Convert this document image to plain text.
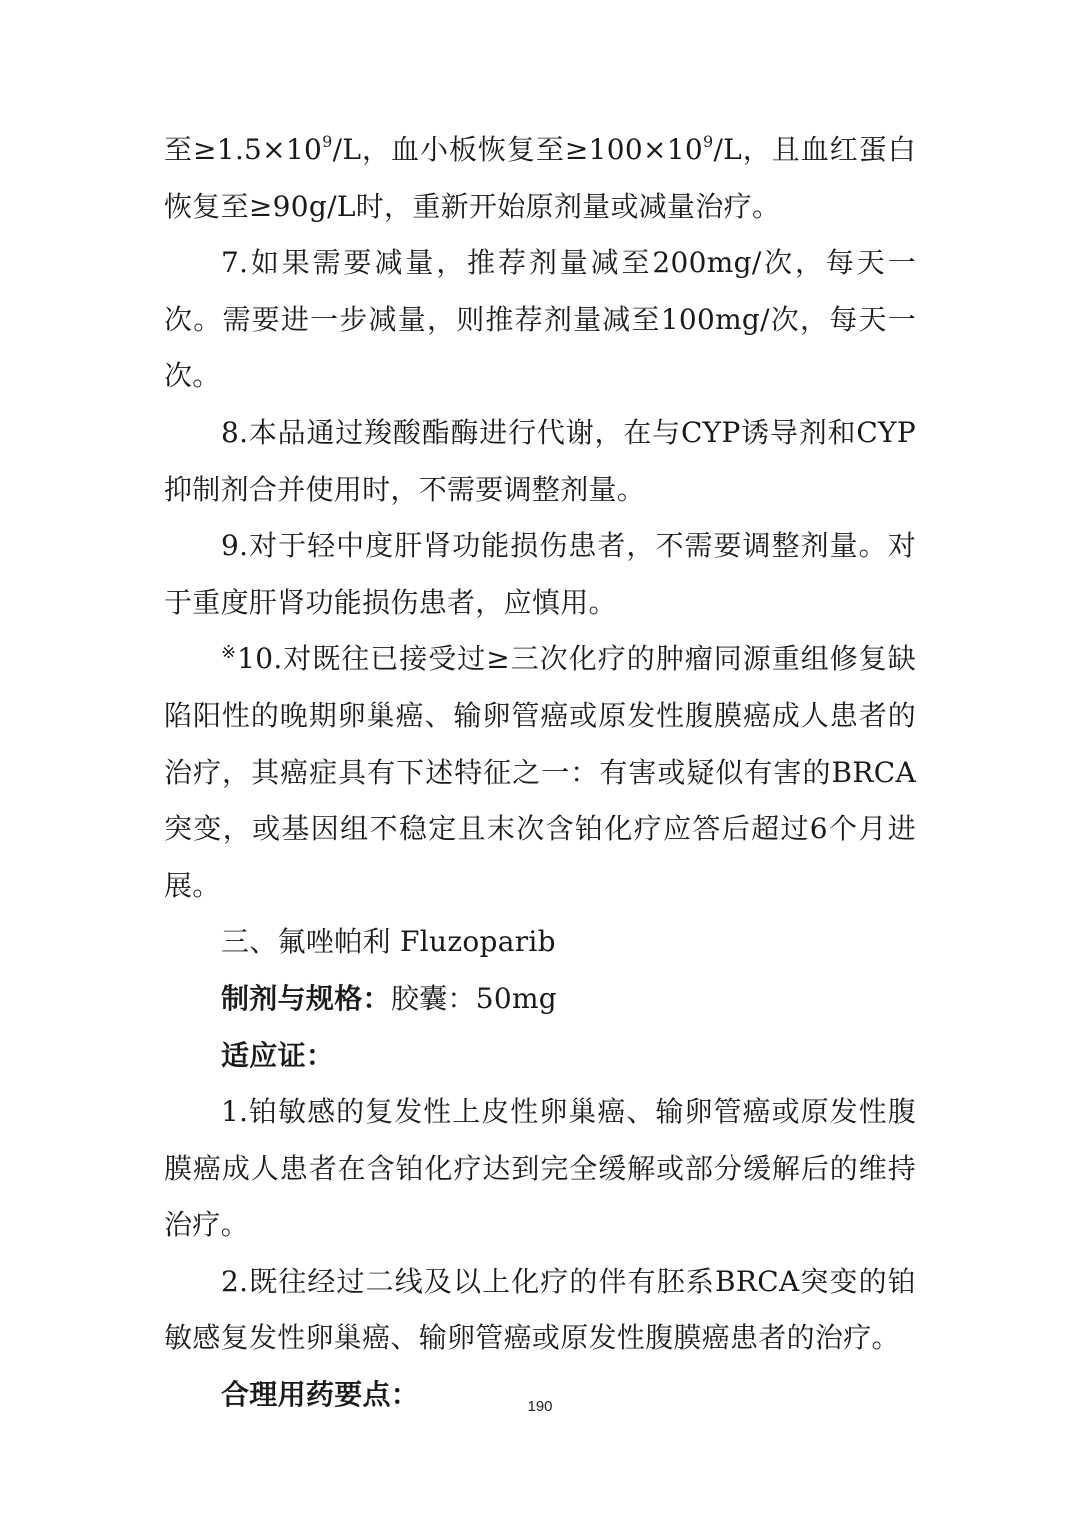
至$\ge 1.5\times 10^9/L$，血小板恢复至$\ge 100\times 10^9/L$，且血红蛋白恢复至≥90g/L时，重新开始原剂量或减量治疗。

7.如果需要减量，推荐剂量减至200mg/次，每天一次。需要进一步减量，则推荐剂量减至100mg/次，每天一次。

8.本品通过羧酸酯酶进行代谢，在与CYP诱导剂和CYP抑制剂合并使用时，不需要调整剂量。

9.对于轻中度肝肾功能损伤患者，不需要调整剂量。对于重度肝肾功能损伤患者，应慎用。

※10.对既往已接受过≥三次化疗的肿瘤同源重组修复缺陷阳性的晚期卵巢癌、输卵管癌或原发性腹膜癌成人患者的治疗，其癌症具有下述特征之一：有害或疑似有害的BRCA突变，或基因组不稳定且末次含铂化疗应答后超过6个月进展。

三、氟唑帕利 Fluzoparib

制剂与规格：胶囊：50mg

适应证：

1.铂敏感的复发性上皮性卵巢癌、输卵管癌或原发性腹膜癌成人患者在含铂化疗达到完全缓解或部分缓解后的维持治疗。

2.既往经过二线及以上化疗的伴有胚系BRCA突变的铂敏感复发性卵巢癌、输卵管癌或原发性腹膜癌患者的治疗。

合理用药要点：	190
